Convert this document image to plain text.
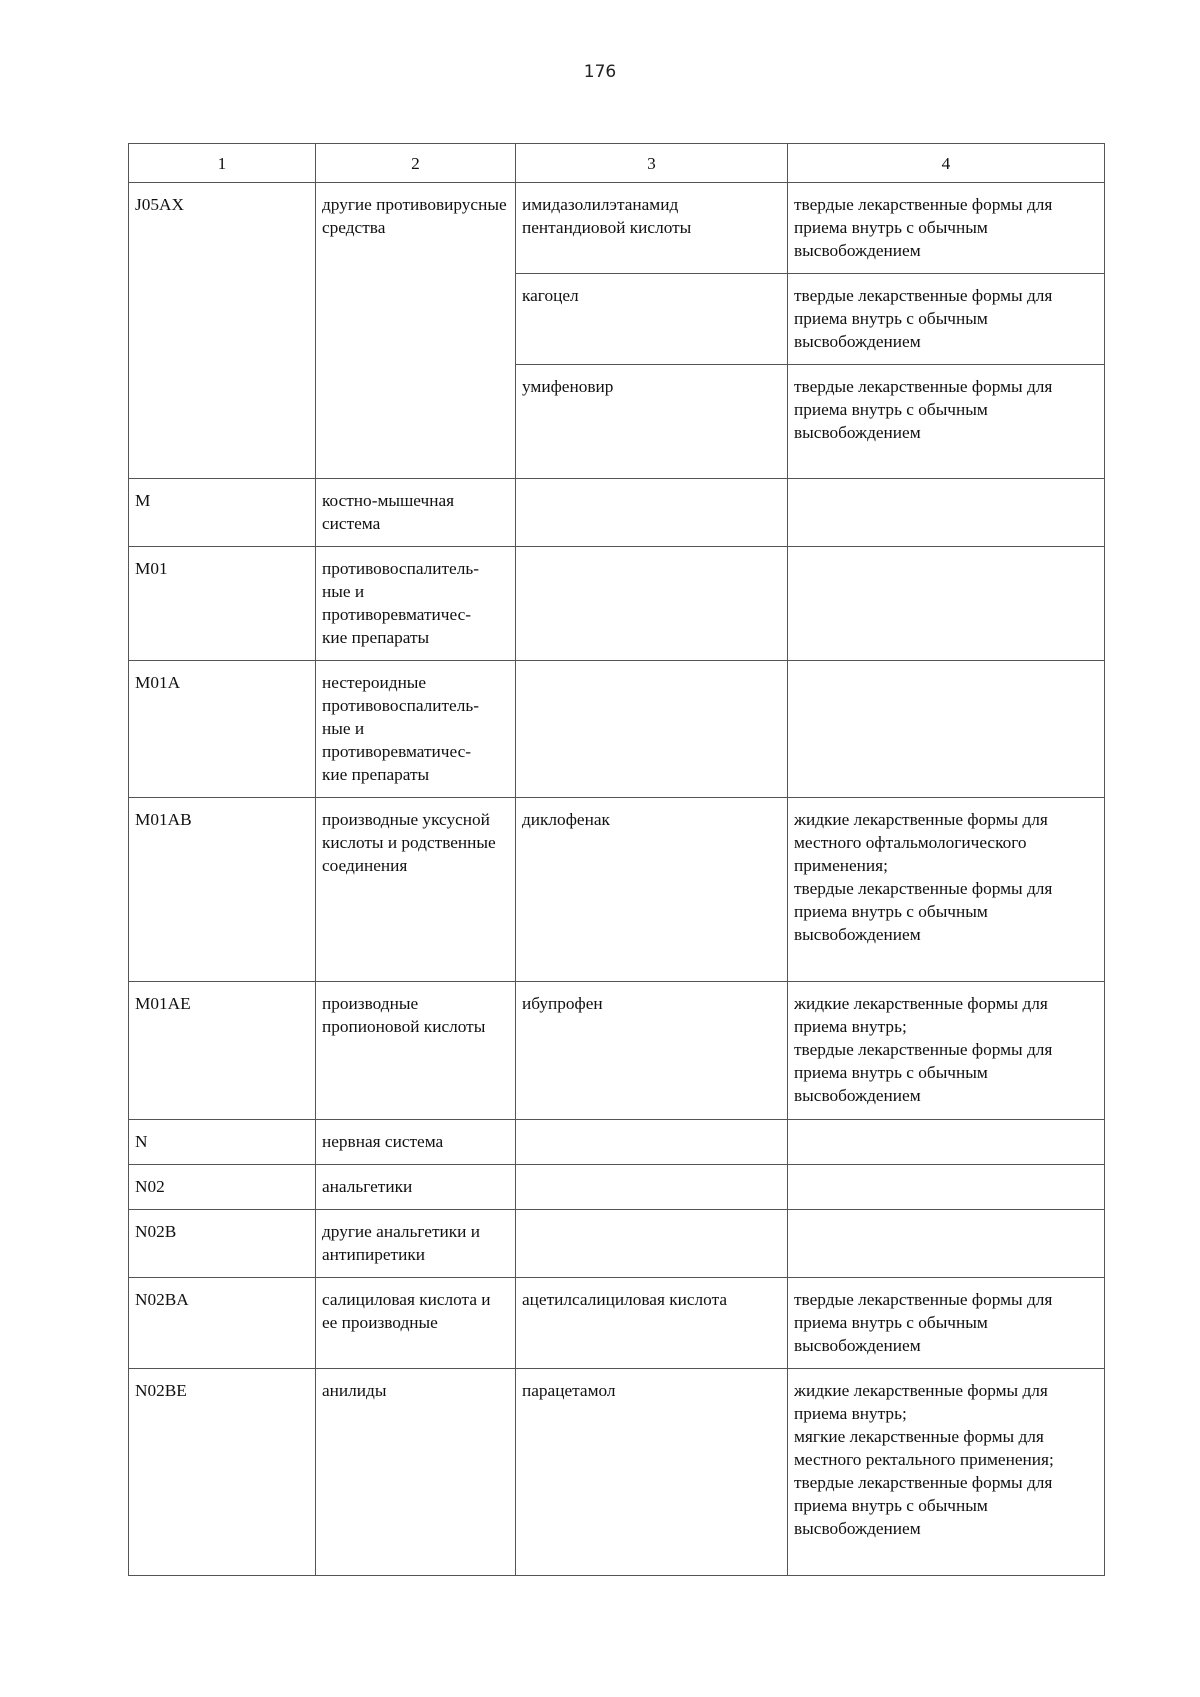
176
1	2	3	4
J05AX	другие противовирусные средства	имидазолилэтанамид пентандиовой кислоты	твердые лекарственные формы для приема внутрь с обычным высвобождением

		кагоцел	твердые лекарственные формы для приема внутрь с обычным высвобождением

		умифеновир	твердые лекарственные формы для приема внутрь с обычным высвобождением

M	костно-мышечная система		
M01	противовоспалитель-
ные и
противоревматичес-
кие препараты		

M01A	нестероидные
противовоспалитель-
ные и
противоревматичес-
кие препараты		

M01AB	производные уксусной кислоты и родственные соединения	диклофенак	жидкие лекарственные формы для местного офтальмологического применения;
твердые лекарственные формы для приема внутрь с обычным высвобождением

M01AE	производные пропионовой кислоты	ибупрофен	жидкие лекарственные формы для приема внутрь;
твердые лекарственные формы для приема внутрь с обычным высвобождением

N	нервная система		
N02	анальгетики		
N02B	другие анальгетики и антипиретики		
N02BA	салициловая кислота и ее производные	ацетилсалициловая кислота	твердые лекарственные формы для приема внутрь с обычным высвобождением

N02BE	анилиды	парацетамол	жидкие лекарственные формы для приема внутрь;
мягкие лекарственные формы для местного ректального применения;
твердые лекарственные формы для приема внутрь с обычным высвобождением
